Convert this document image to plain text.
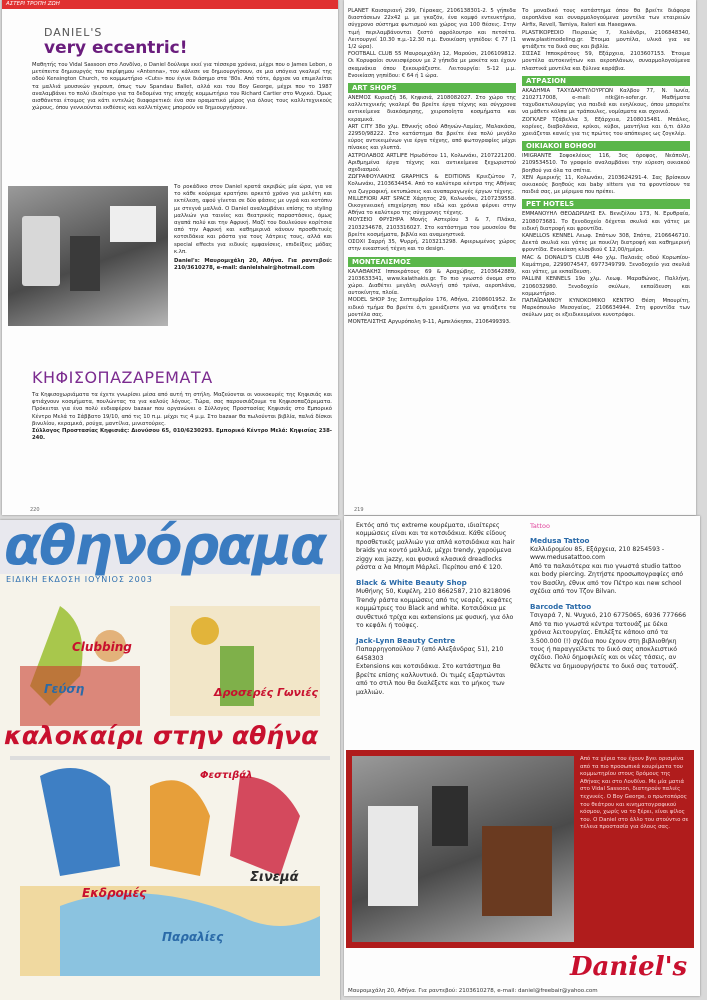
ΑΣΤΕΡΙ ΤΡΟΠΗ ΖΩΗ
DANIEL'S
very eccentric!

Μαθητής του Vidal Sassoon στο Λονδίνο, ο Daniel δούλεψε εκεί για τέσσερα χρόνια, μέχρι που ο James Lebon, ο μετέπειτα δημιουργός του περίφημου «Antenna», τον κάλεσε να δημιουργήσουν, σε μια υπόγεια γκαλερί της οδού Kensington Church, το κομμωτήριο «Cuts» που έγινε διάσημο στα '80s. Από τότε, άρχισε να επιμελείται τα μαλλιά μουσικών γκρουπ, όπως των Spandau Ballet, αλλά και του Boy George, μέχρι που το 1987 αναλαμβάνει το πολύ ιδιαίτερο για τα δεδομένα της εποχής κομμωτήριο του Richard Cartier στο Ψυχικό. Όμως αισθάνεται έτοιμος για κάτι εντελώς διαφορετικό: ένα σαν οραματικό μέρος για όλους τους καλλιτεχνικούς χώρους, όπου γεννιούνται εκθέσεις και καλλιτέχνες μπορούν να δημιουργήσουν.

Το ροκάδικο στον Daniel κρατά ακριβώς μία ώρα, για να το κάθε κούρεμα κρατήσει αρκετό χρόνο για μελέτη και εκτέλεση, αφού γίνεται σε δύο φάσεις με υγρά και κοτόπιν με στεγνά μαλλιά. Ο Daniel αναλαμβάνει επίσης το styling μαλλιών για ταινίες και θεατρικές παραστάσεις, όμως αγαπά πολύ και την Αφρική. Μαζί του δουλεύουν κορίτσια από την Αφρική και καθημερινά κάνουν προσθετικές κοτσιδάκια και ράστα για τους λάτρεις τους, αλλά και special effects για ειδικές εμφανίσεις, επιδείξεις μόδας κ.λπ.

Daniel's: Μαυρομιχάλη 20, Αθήνα. Για ραντεβού: 210/3610278, e-mail: danielshair@hotmail.com

ΚΗΦΙΣΟΠΑΖΑΡΕΜΑΤΑ

Τα Κηφισοχωριάματα τα έχετε γνωρίσει μέσα από αυτή τη στήλη. Μαζεύονται οι νοικοκυρές της Κηφισιάς και φτιάχνουν κοσμήματα, πουλώντας τα για καλούς λόγους. Τώρα, σας παρουσιάζουμε τα Κηφισοπαζάρεματα. Πρόκειται για ένα πολύ ενδιαφέρον bazaar που οργανώνει ο Σύλλογος Προστασίας Κηφισιάς στο Εμπορικό Κέντρο Μελά το Σάββατο 19/10, από τις 10 π.μ. μέχρι τις 4 μ.μ. Στο bazaar θα πωλούνται βιβλία, παλιά δίσκοι βινυλίου, κεραμικά, ρούχα, μαντίλια, μινιατούρες.

Σύλλογος Προστασίας Κηφισιάς: Διονύσου 65, 010/6230293. Εμπορικό Κέντρο Μελά: Κηφισίας 238-240.

220

PLANET Καισαριανή 299, Γέρακας, 2106138301-2. 5 γήπεδα διαστάσεων 22x42 μ. με γκαζόν, ένα κομψό εντευκτήριο, σύγχρονο σύστημα φωτισμού και χώρος για 100 θέσεις. Στην τιμή περιλαμβάνονται ζεστό αφρόλουτρο και πετσέτα. Λειτουργεί 10.30 π.μ.-12.30 π.μ. Ενοικίαση γηπέδου: € 77 (1 1/2 ώρα).
FOOTBALL CLUB 55 Μαυρομιχάλη 12, Μαρούσι, 2106109812. Οι Κορυφαίοι συνεισφέρουν με 2 γήπεδα με μοκέτα και έχουν σκαμνάκια όπου ξεκουράζεστε. Λειτουργία: 5-12 μ.μ. Ενοικίαση γηπέδου: € 64 ή 1 ώρα.

ART SHOPS

ΑΝΕΜΟΣ Κυριαζή 36, Κηφισιά, 2108082027. Στο χώρο της καλλιτεχνικής γκαλερί θα βρείτε έργα τέχνης και σύγχρονα αντικείμενα διακόσμησης, χειροποίητα κοσμήματα και κεραμικά.
ART CITY 38ο χλμ. Εθνικής οδού Αθηνών-Λαμίας, Μαλακάσα, 22950/98222. Στο κατάστημα θα βρείτε ένα πολύ μεγάλο εύρος αντικειμένων για έργα τέχνης, από φωτογραφίες μέχρι πίνακες και γλυπτά.
ΑΣΤΡΟΛΑΒΟΣ ARTLIFE Ηρωδότου 11, Κολωνάκι, 2107221200. Αριθμημένα έργα τέχνης και αντικείμενα ξεχωριστού σχεδιασμού.
ΖΩΓΡΑΦΟΥΛΑΚΗΣ GRAPHICS & EDITIONS Κριεζώτου 7, Κολωνάκι, 2103634454. Από το καλύτερα κέντρα της Αθήνας για ζωγραφική, εκτυπώσεις και αναπαραγωγές έργων τέχνης.
MILLEFIORI ART SPACE Χάρητος 29, Κολωνάκι, 2107239558. Οικογενειακή επιχείρηση που εδώ και χρόνια φέρνει στην Αθήνα το καλύτερο της σύγχρονης τέχνης.
ΜΟΥΣΕΙΟ ΦΡΥΣΗΡΑ Μονής Αστερίου 3 & 7, Πλάκα, 2103234678, 2103316027. Στο κατάστημα του μουσείου θα βρείτε κοσμήματα, βιβλία και αναμνηστικά.
ΟΣΟΧΙ Σαρρή 35, Ψυρρή, 2103213298. Αφιερωμένος χώρος στην εικαστική τέχνη και το design.

ΜΟΝΤΕΛΙΣΜΟΣ

ΚΑΛΑΘΑΚΗΣ Ιπποκράτους 69 & Αραχώβης, 2103642889, 2103633341, www.kalathakis.gr. Το πιο γνωστό όνομα στο χώρο. Διαθέτει μεγάλη συλλογή από τρένα, αεροπλάνα, αυτοκίνητα, πλοία.
MODEL SHOP 3ης Σεπτεμβρίου 176, Αθήνα, 2108601952. Σε ειδικό τμήμα θα βρείτε ό,τι χρειάζεστε για να φτιάξετε τα μοντέλα σας.
ΜΟΝΤΕΛΙΣΤΗΣ Αργυρόπολη 9-11, Αμπελόκηποι, 2106499393.

Το μοναδικό τους κατάστημα όπου θα βρείτε διάφορα αεροπλάνα και συναρμολογούμενα μοντέλα των εταιρειών Airfix, Revell, Tamiya, Italeri και Hasegawa.
PLASTIKOPEDIO Πειραιώς 7, Χαλάνδρι, 2106848340, www.plastimodeling.gr. Έτοιμα μοντέλα, υλικά για να φτιάξετε τα δικά σας και βιβλία.
ΣΙΣΣΑΣ Ιπποκράτους 59, Εξάρχεια, 2103607153. Έτοιμα μοντέλα αυτοκινήτων και αεροπλάνων, συναρμολογούμενα πλαστικά μοντέλα και ξύλινα καράβια.

ΑΤΡΑΣΙΟΝ

ΑΚΑΔΗΜΙΑ ΤΑΧΥΔΑΚΤΥΛΟΥΡΓΩΝ Καλβου 77, Ν. Ιωνία, 2102717008, e-mail: ntk@in-sofer.gr. Μαθήματα ταχυδακτυλουργίας για παιδιά και ενηλίκους, όπου μπορείτε να μάθετε κόλπα με τράπουλες, νομίσματα και σχοινιά.
ΖΟΓΚΛΕΡ Τζάβελλα 3, Εξάρχεια, 2108015481. Μπάλες, κορίνες, διαβολάκια, κρίκοι, κύβοι, μαντήλια και ό,τι άλλο χρειάζεται κανείς για τις πρώτες του απόπειρες ως ζογκλέρ.

ΟΙΚΙΑΚΟΙ ΒΟΗΘΟΙ

IMIGRANTE Σοφοκλέους 116, 3ος όροφος, Νεάπολη, 2109534510. Το γραφείο αναλαμβάνει την εύρεση οικιακού βοηθού για όλα τα σπίτια.
XEN Αμερικής 11, Κολωνάκι, 2103624291-4. Σας βρίσκουν οικιακούς βοηθούς και baby sitters για τα φροντίσουν τα παιδιά σας, με μέριμνα που πρέπει.

PET HOTELS

ΕΜΜΑΝΟΥΗΛ ΘΕΟΔΩΡΙΔΗΣ Ελ. Βενιζέλου 173, Ν. Ερυθραία, 2108073681. Το ξενοδοχείο δέχεται σκυλιά και γάτες με ειδική διατροφή και φροντίδα.
KANELLOS KENNEL Λεωφ. Σπάτων 308, Σπάτα, 2106646710. Δεκτά σκυλιά και γάτες με ποικίλη διατροφή και καθημερινή φροντίδα. Ενοικίαση κλουβιού € 12,00/ημέρα.
MAC & DONALD'S CLUB 44ο χλμ. Παλαιάς οδού Κορωπίου-Καμάτηρα, 2299074547, 6977349799. Ξενοδοχείο για σκυλιά και γάτες, με εκπαίδευση.
PALLINI KENNELS 19ο χλμ. Λεωφ. Μαραθώνος, Παλλήνη, 2106032980. Ξενοδοχείο σκύλων, εκπαίδευση και κομμωτήριο.
ΠΑΠΑΪΩΑΝΝΟΥ ΚΥΝΟΚΟΜΙΚΟ ΚΕΝΤΡΟ Θέση Μπουρίτη, Μαρκόπουλο Μεσογαίας, 2106634944. Στη φροντίδα των σκύλων μας οι εξειδικευμένοι κυνοτρόφοι.

219
αθηνόραμα
ΕΙΔΙΚΗ ΕΚΔΟΣΗ ΙΟΥΝΙΟΣ 2003
Clubbing
Γεύση	Δροσερές Γωνιές
καλοκαίρι στην αθήνα
Φεστιβάλ
Σινεμά
Εκδρομές
Παραλίες

Εκτός από τις extreme κουρέματα, ιδιαίτερες κομμώσεις είναι και τα κοτσιδάκια. Κάθε είδους προσθετικές μαλλιών για απλά κοτσιδάκια και hair braids για κοντό μαλλιά, μέχρι trendy, χαρούμενα ziggy και jazzy, και φυσικά κλασικά dreadlocks ράστα α λα Μπομπ Μάρλεϊ. Περίπου από € 120.

Black & White Beauty Shop

Μυθήνης 50, Κυψέλη, 210 8662587, 210 8218096
Trendy ράστα κομμώσεις από τις νεαρές, κεφάτες κομμώτριες του Black and white. Κοτσιδάκια με συνθετικό τρίχα και extensions με φυσική, για όλο το κεφάλι ή τούφες.

Jack-Lynn Beauty Centre

Παπαρρηγοπούλου 7 (από Αλεξάνδρας 51), 210 6458303
Extensions και κοτσιδάκια. Στο κατάστημα θα βρείτε επίσης καλλυντικά. Οι τιμές εξαρτώνται από το στιλ που θα διαλέξετε και το μήκος των μαλλιών.

Tattoo
Medusa Tattoo

Καλλιδρομίου 85, Εξάρχεια, 210 8254593 - www.medusatattoo.com
Από τα παλαιότερα και πιο γνωστά studio tattoo και body piercing. Ζητήστε προσωπογραφίες από τον Βασίλη, έθνικ από τον Πέτρο και new school σχέδια από τον Τζον Bilvan.

Barcode Tattoo

Τσιγαρά 7, Ν. Ψυχικό, 210 6775065, 6936 777666
Από τα πιο γνωστά κέντρα τατουάζ με δέκα χρόνια λειτουργίας. Επιλέξτε κάποιο από τα 3.500.000 (!) σχέδια που έχουν στη βιβλιοθήκη τους ή παραγγείλετε το δικό σας αποκλειστικό σχέδιο. Πολύ δημοφιλείς και οι νέες τάσεις, αν θέλετε να δημιουργήσετε το δικό σας τατουάζ.

Από τα χέρια του έχουν βγει ορισμένα από τα πιο προσωπικά κουρέματα του κομμωτηρίου στους δρόμους της Αθήνας και στο Λονδίνο. Με μία ματιά στο Vidal Sassoon, διατηρούν παλιές τεχνικές. Ο Boy George, ο πρωτοπόρος του θεάτρου και κινηματογραφικού κόσμου, χωρίς να το ξέρει, είναι φίλος του. Ο Daniel στο άλλο του στούντιο σε τέλεια προστασία για όλους σας.

Daniel's
Μαυρομιχάλη 20, Αθήνα. Για ραντεβού: 2103610278, e-mail: daniel@freebair@yahoo.com
